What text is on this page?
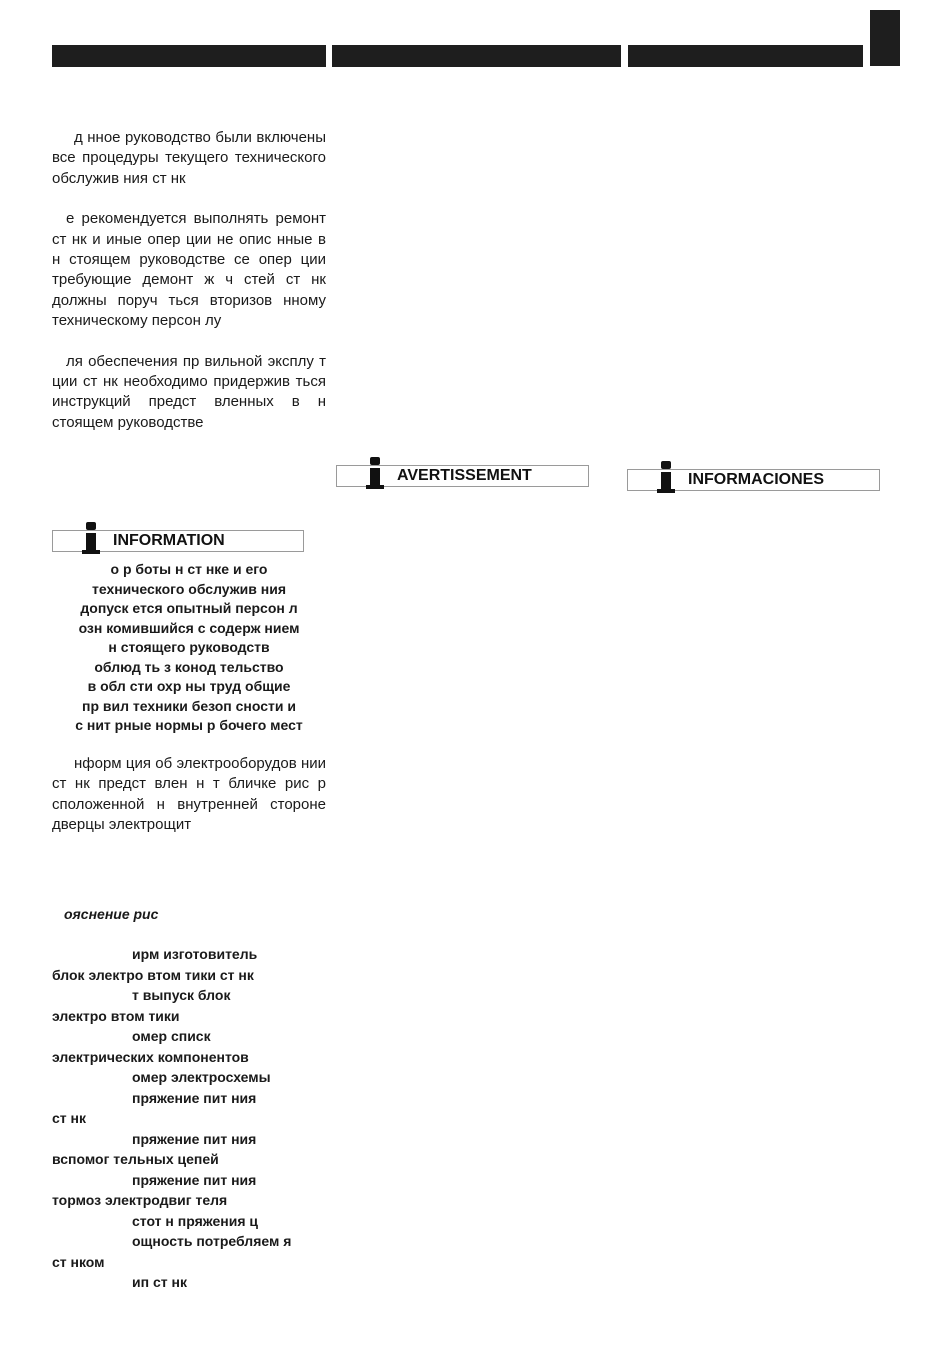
д нное руководство были включены все процедуры текущего технического обслужив ния ст нк

е рекомендуется выполнять ремонт ст нк и иные опер ции не опис нные в н стоящем руководстве се опер ции требующие демонт ж ч стей ст нк должны поруч ться вторизов нному техническому персон лу

ля обеспечения пр вильной эксплу т ции ст нк необходимо придержив ться инструкций предст вленных в н стоящем руководстве

INFORMATION

о р боты н ст нке и его

технического обслужив ния

допуск ется опытный персон л

озн комившийся с содерж нием

н стоящего руководств

облюд ть з конод тельство

в обл сти охр ны труд общие

пр вил техники безоп сности и

с нит рные нормы р бочего мест

нформ ция об электрооборудов нии ст нк предст влен н т бличке рис р сположенной н внутренней стороне дверцы электрощит

ояснение рис

ирм изготовитель
блок электро втом тики ст нк
т выпуск блок
электро втом тики
омер списк
электрических компонентов
омер электросхемы
пряжение пит ния
ст нк
пряжение пит ния
вспомог тельных цепей
пряжение пит ния
тормоз электродвиг теля
стот н пряжения ц
ощность потребляем я
ст нком
ип ст нк

AVERTISSEMENT	INFORMACIONES
